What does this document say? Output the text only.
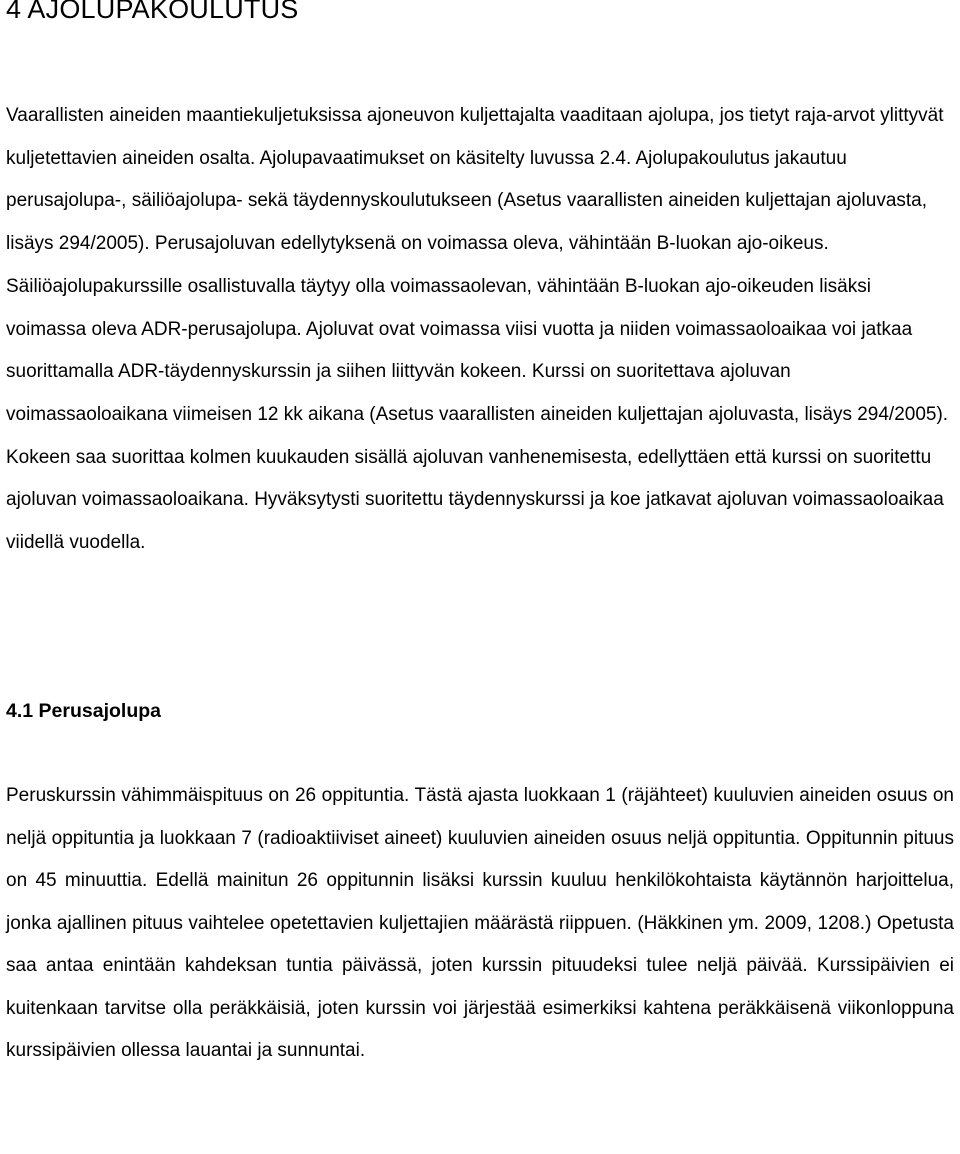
4 AJOLUPAKOULUTUS

Vaarallisten aineiden maantiekuljetuksissa ajoneuvon kuljettajalta vaaditaan ajolupa, jos tietyt raja-arvot ylittyvät kuljetettavien aineiden osalta. Ajolupavaatimukset on käsitelty luvussa 2.4. Ajolupakoulutus jakautuu perusajolupa-, säiliöajolupa- sekä täydennyskoulutukseen (Asetus vaarallisten aineiden kuljettajan ajoluvasta, lisäys 294/2005). Perusajoluvan edellytyksenä on voimassa oleva, vähintään B-luokan ajo-oikeus. Säiliöajolupakurssille osallistuvalla täytyy olla voimassaolevan, vähintään B-luokan ajo-oikeuden lisäksi voimassa oleva ADR-perusajolupa. Ajoluvat ovat voimassa viisi vuotta ja niiden voimassaoloaikaa voi jatkaa suorittamalla ADR-täydennyskurssin ja siihen liittyvän kokeen. Kurssi on suoritettava ajoluvan voimassaoloaikana viimeisen 12 kk aikana (Asetus vaarallisten aineiden kuljettajan ajoluvasta, lisäys 294/2005). Kokeen saa suorittaa kolmen kuukauden sisällä ajoluvan vanhenemisesta, edellyttäen että kurssi on suoritettu ajoluvan voimassaoloaikana. Hyväksytysti suoritettu täydennyskurssi ja koe jatkavat ajoluvan voimassaoloaikaa viidellä vuodella.

4.1 Perusajolupa

Peruskurssin vähimmäispituus on 26 oppituntia. Tästä ajasta luokkaan 1 (räjähteet) kuuluvien aineiden osuus on neljä oppituntia ja luokkaan 7 (radioaktiiviset aineet) kuuluvien aineiden osuus neljä oppituntia. Oppitunnin pituus on 45 minuuttia. Edellä mainitun 26 oppitunnin lisäksi kurssin kuuluu henkilökohtaista käytännön harjoittelua, jonka ajallinen pituus vaihtelee opetettavien kuljettajien määrästä riippuen. (Häkkinen ym. 2009, 1208.) Opetusta saa antaa enintään kahdeksan tuntia päivässä, joten kurssin pituudeksi tulee neljä päivää. Kurssipäivien ei kuitenkaan tarvitse olla peräkkäisiä, joten kurssin voi järjestää esimerkiksi kahtena peräkkäisenä viikonloppuna kurssipäivien ollessa lauantai ja sunnuntai.
